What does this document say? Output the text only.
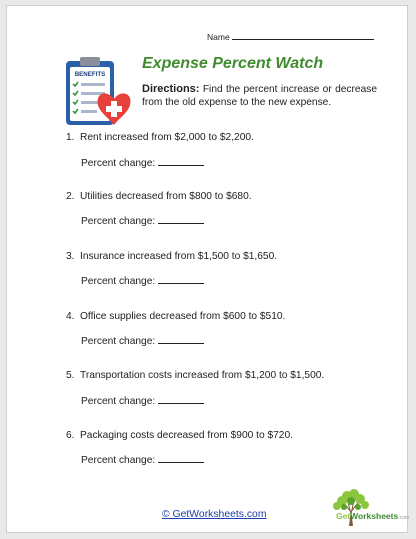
Name
BENEFITS
Expense Percent Watch
Directions: Find the percent increase or decrease from the old expense to the new expense.
1. Rent increased from $2,000 to $2,200.
Percent change:
2. Utilities decreased from $800 to $680.
Percent change:
3. Insurance increased from $1,500 to $1,650.
Percent change:
4. Office supplies decreased from $600 to $510.
Percent change:
5. Transportation costs increased from $1,200 to $1,500.
Percent change:
6. Packaging costs decreased from $900 to $720.
Percent change:
© GetWorksheets.com	GetWorksheets.com
